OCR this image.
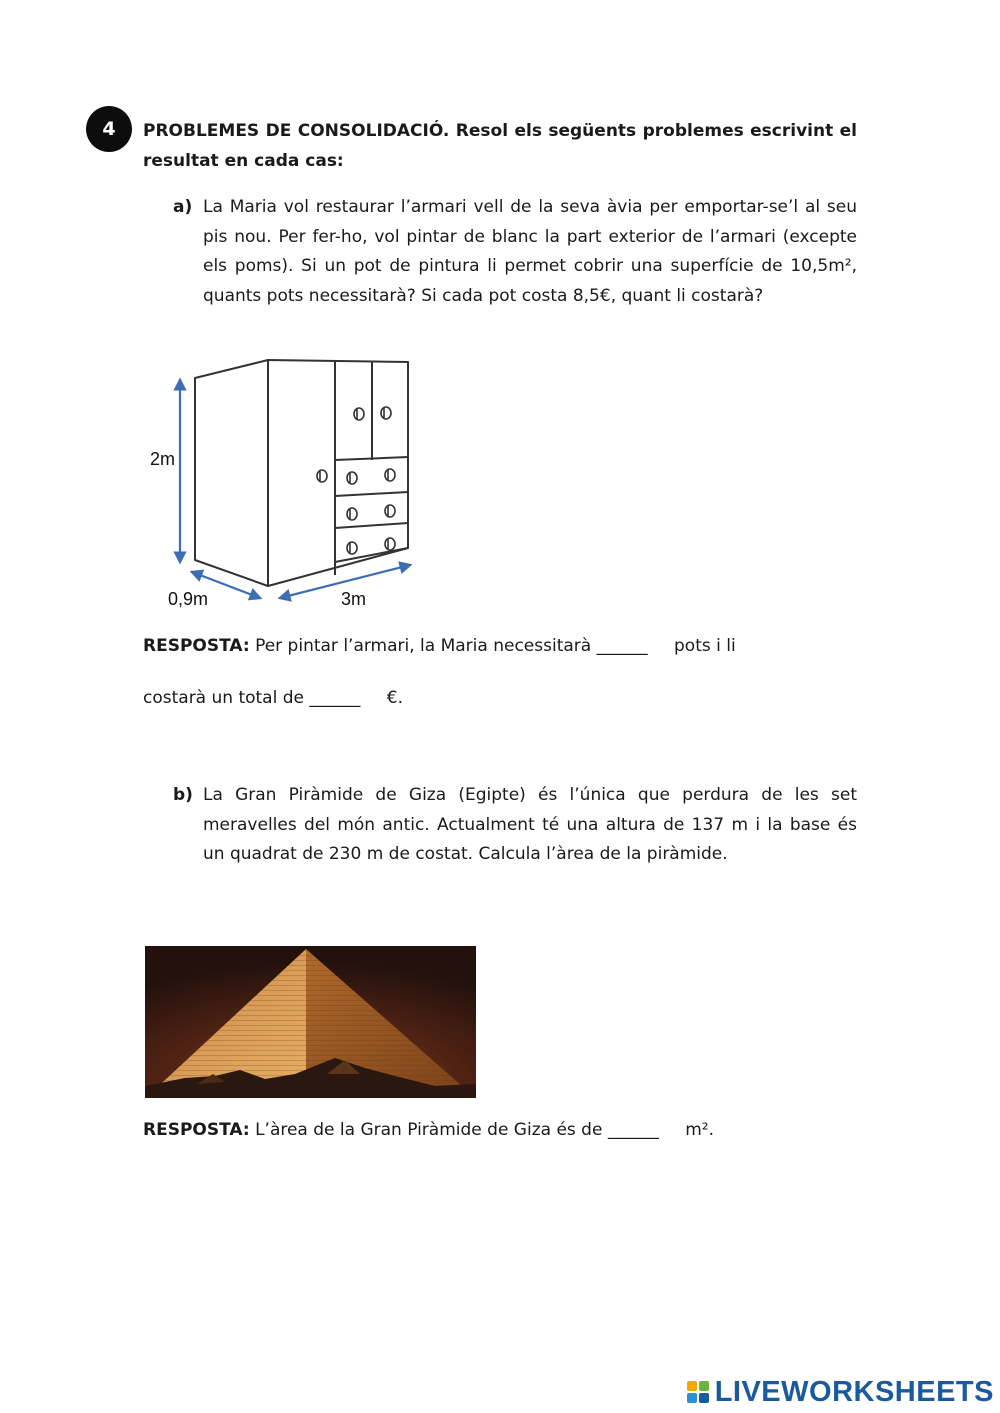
4 PROBLEMES DE CONSOLIDACIÓ. Resol els següents problemes escrivint el resultat en cada cas:
a) La Maria vol restaurar l’armari vell de la seva àvia per emportar-se’l al seu pis nou. Per fer-ho, vol pintar de blanc la part exterior de l’armari (excepte els poms). Si un pot de pintura li permet cobrir una superfície de 10,5m², quants pots necessitarà? Si cada pot costa 8,5€, quant li costarà?
2m
0,9m	3m
RESPOSTA: Per pintar l’armari, la Maria necessitarà ______ pots i li
costarà un total de ______ €.
b) La Gran Piràmide de Giza (Egipte) és l’única que perdura de les set meravelles del món antic. Actualment té una altura de 137 m i la base és un quadrat de 230 m de costat. Calcula l’àrea de la piràmide.
RESPOSTA: L’àrea de la Gran Piràmide de Giza és de ______ m².
LIVEWORKSHEETS
